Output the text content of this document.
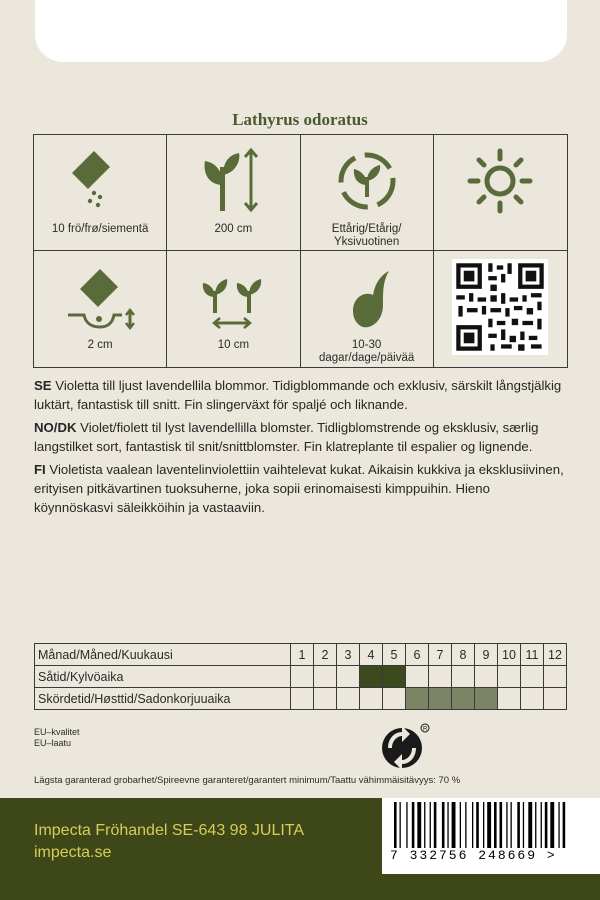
Lathyrus odoratus
10 frö/frø/siementä	200 cm	Ettårig/Etårig/
Yksivuotinen
2 cm	10 cm	10-30
dagar/dage/päivää

SE Violetta till ljust lavendellila blommor. Tidigblommande och exklusiv, särskilt långstjälkig luktärt, fantastisk till snitt. Fin slingerväxt för spaljé och liknande.

NO/DK Violet/fiolett til lyst lavendellilla blomster. Tidligblomstrende og eksklusiv, særlig langstilket sort, fantastisk til snit/snittblomster. Fin klatreplante til espalier og lignende.

FI Violetista vaalean laventelinviolettiin vaihtelevat kukat. Aikaisin kukkiva ja eksklusiivinen, erityisen pitkävartinen tuoksuherne, joka sopii erinomaisesti kimppuihin. Hieno köynnöskasvi säleikköihin ja vastaaviin.

Månad/Måned/Kuukausi	1	2	3	4	5	6	7	8	9	10	11	12
Såtid/Kylvöaika												
Skördetid/Høsttid/Sadonkorjuuaika												
EU–kvalitet
EU–laatu
R
Lägsta garanterad grobarhet/Spireevne garanteret/garantert minimum/Taattu vähimmäisitävyys: 70 %
Impecta Fröhandel SE-643 98 JULITA
impecta.se	7 332756 248669 >
